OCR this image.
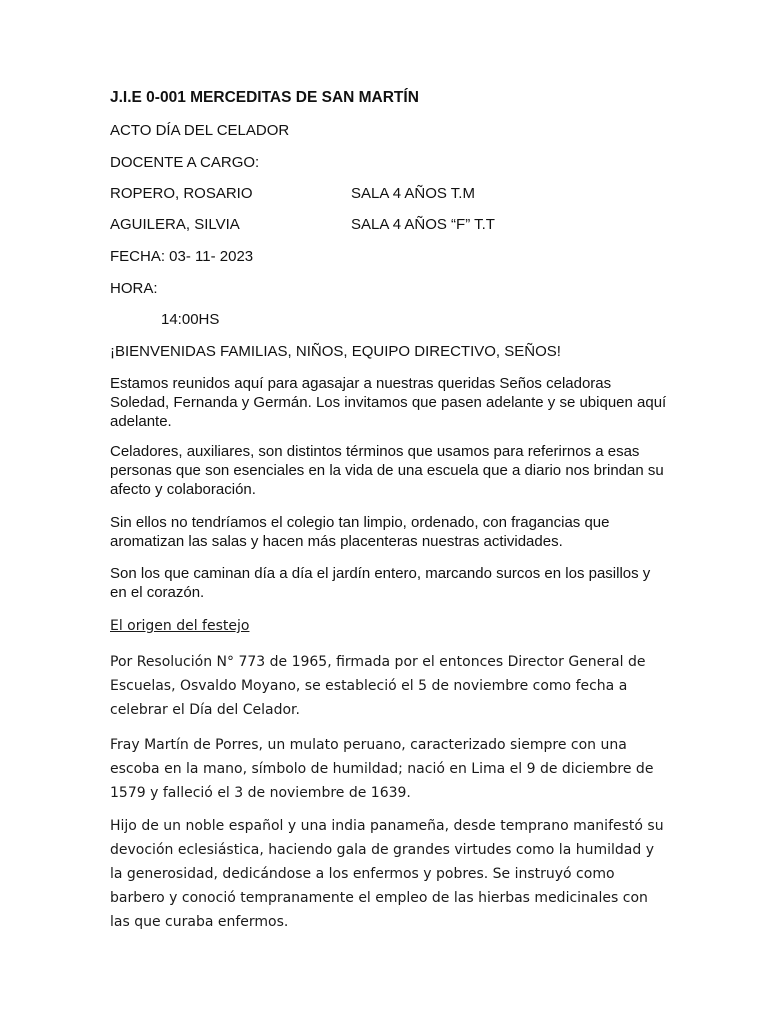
J.I.E 0-001 MERCEDITAS DE SAN MARTÍN
ACTO DÍA DEL CELADOR
DOCENTE A CARGO:
ROPERO, ROSARIO	SALA 4 AÑOS T.M
AGUILERA, SILVIA	SALA 4 AÑOS “F” T.T
FECHA: 03- 11- 2023
HORA:
14:00HS
¡BIENVENIDAS FAMILIAS, NIÑOS, EQUIPO DIRECTIVO, SEÑOS!
Estamos reunidos aquí para agasajar a nuestras queridas Seños celadoras Soledad, Fernanda y Germán. Los invitamos que pasen adelante y se ubiquen aquí adelante.
Celadores, auxiliares, son distintos términos que usamos para referirnos a esas personas que son esenciales en la vida de una escuela que a diario nos brindan su afecto y colaboración.
Sin ellos no tendríamos el colegio tan limpio, ordenado, con fragancias que aromatizan las salas y hacen más placenteras nuestras actividades.
Son los que caminan día a día el jardín entero, marcando surcos en los pasillos y en el corazón.
El origen del festejo
Por Resolución N° 773 de 1965, firmada por el entonces Director General de Escuelas, Osvaldo Moyano, se estableció el 5 de noviembre como fecha a celebrar el Día del Celador.
Fray Martín de Porres, un mulato peruano, caracterizado siempre con una escoba en la mano, símbolo de humildad; nació en Lima el 9 de diciembre de 1579 y falleció el 3 de noviembre de 1639.
Hijo de un noble español y una india panameña, desde temprano manifestó su devoción eclesiástica, haciendo gala de grandes virtudes como la humildad y la generosidad, dedicándose a los enfermos y pobres. Se instruyó como barbero y conoció tempranamente el empleo de las hierbas medicinales con las que curaba enfermos.
